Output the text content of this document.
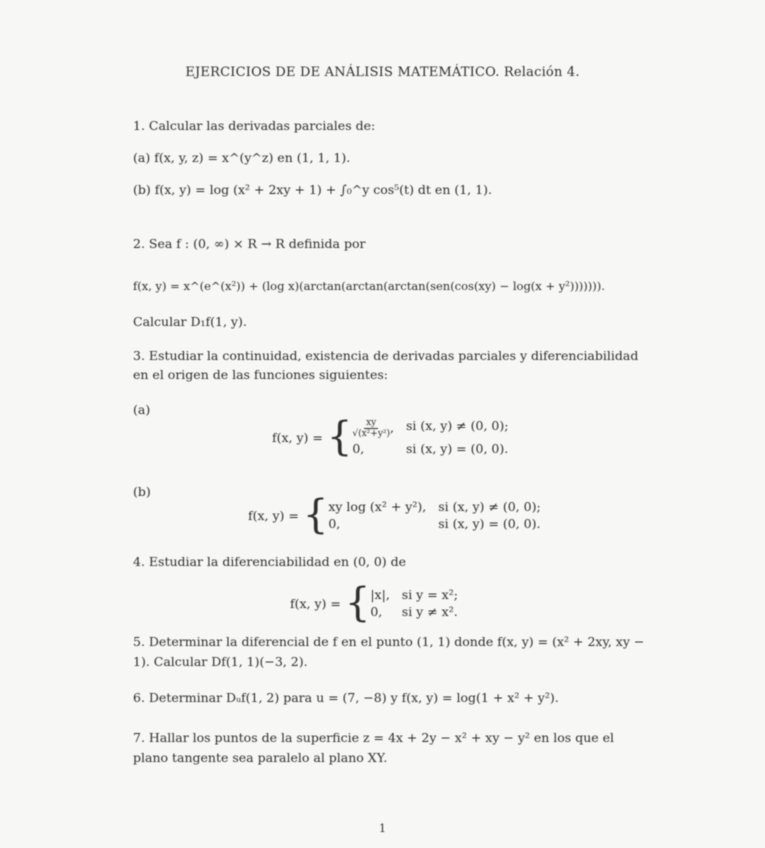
EJERCICIOS DE DE ANÁLISIS MATEMÁTICO. Relación 4.
1. Calcular las derivadas parciales de:
(a) f(x, y, z) = x^(y^z) en (1, 1, 1).
(b) f(x, y) = log (x² + 2xy + 1) + ∫₀^y cos⁵(t) dt en (1, 1).
2. Sea f : (0, ∞) × R → R definida por
f(x, y) = x^(e^(x²)) + (log x)(arctan(arctan(arctan(sen(cos(xy) − log(x + y²))))))).
Calcular D₁f(1, y).
3. Estudiar la continuidad, existencia de derivadas parciales y diferenciabilidad en el origen de las funciones siguientes:
(a)
f(x, y) = { $\frac{xy}{\text{√(x²+y²)}}$ , si (x, y) ≠ (0, 0);
0,	si (x, y) = (0, 0).
(b)
f(x, y) = { xy log (x² + y²), si (x, y) ≠ (0, 0);
0,	si (x, y) = (0, 0).
4. Estudiar la diferenciabilidad en (0, 0) de
f(x, y) = { |x|, si y = x²;
0,	si y ≠ x².
5. Determinar la diferencial de f en el punto (1, 1) donde f(x, y) = (x² + 2xy, xy − 1). Calcular Df(1, 1)(−3, 2).
6. Determinar Dᵤf(1, 2) para u = (7, −8) y f(x, y) = log(1 + x² + y²).
7. Hallar los puntos de la superficie z = 4x + 2y − x² + xy − y² en los que el plano tangente sea paralelo al plano XY.
1
